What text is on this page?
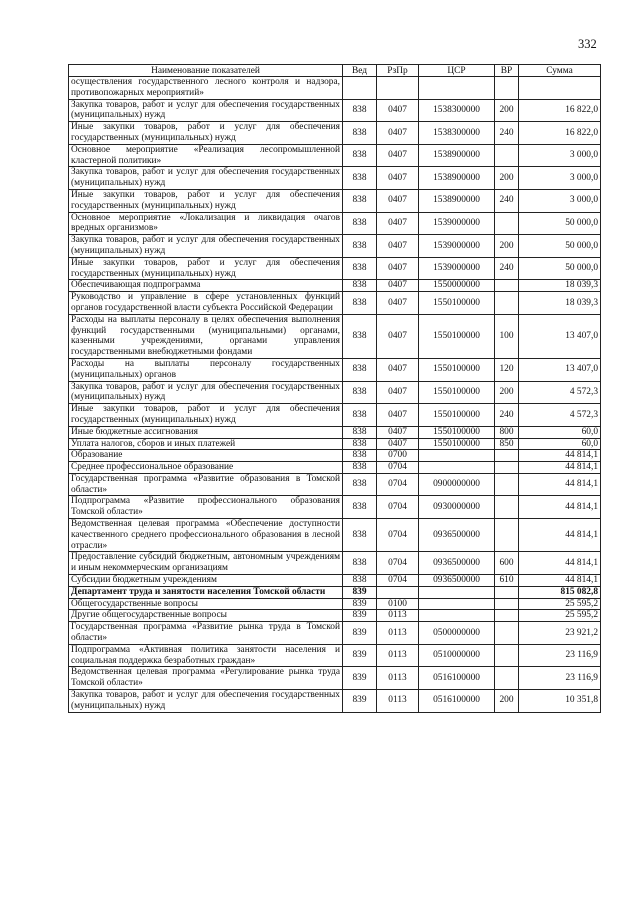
332
Наименование показателей	Вед	РзПр	ЦСР	ВР	Сумма
осуществления государственного лесного контроля и надзора, противопожарных мероприятий»					
Закупка товаров, работ и услуг для обеспечения государственных (муниципальных) нужд	838	0407	1538300000	200	16 822,0
Иные закупки товаров, работ и услуг для обеспечения государственных (муниципальных) нужд	838	0407	1538300000	240	16 822,0
Основное мероприятие «Реализация лесопромышленной кластерной политики»	838	0407	1538900000		3 000,0
Закупка товаров, работ и услуг для обеспечения государственных (муниципальных) нужд	838	0407	1538900000	200	3 000,0
Иные закупки товаров, работ и услуг для обеспечения государственных (муниципальных) нужд	838	0407	1538900000	240	3 000,0
Основное мероприятие «Локализация и ликвидация очагов вредных организмов»	838	0407	1539000000		50 000,0
Закупка товаров, работ и услуг для обеспечения государственных (муниципальных) нужд	838	0407	1539000000	200	50 000,0
Иные закупки товаров, работ и услуг для обеспечения государственных (муниципальных) нужд	838	0407	1539000000	240	50 000,0
Обеспечивающая подпрограмма	838	0407	1550000000		18 039,3
Руководство и управление в сфере установленных функций органов государственной власти субъекта Российской Федерации	838	0407	1550100000		18 039,3
Расходы на выплаты персоналу в целях обеспечения выполнения функций государственными (муниципальными) органами, казенными учреждениями, органами управления государственными внебюджетными фондами	838	0407	1550100000	100	13 407,0
Расходы на выплаты персоналу государственных (муниципальных) органов	838	0407	1550100000	120	13 407,0
Закупка товаров, работ и услуг для обеспечения государственных (муниципальных) нужд	838	0407	1550100000	200	4 572,3
Иные закупки товаров, работ и услуг для обеспечения государственных (муниципальных) нужд	838	0407	1550100000	240	4 572,3
Иные бюджетные ассигнования	838	0407	1550100000	800	60,0
Уплата налогов, сборов и иных платежей	838	0407	1550100000	850	60,0
Образование	838	0700			44 814,1
Среднее профессиональное образование	838	0704			44 814,1
Государственная программа «Развитие образования в Томской области»	838	0704	0900000000		44 814,1
Подпрограмма «Развитие профессионального образования Томской области»	838	0704	0930000000		44 814,1
Ведомственная целевая программа «Обеспечение доступности качественного среднего профессионального образования в лесной отрасли»	838	0704	0936500000		44 814,1
Предоставление субсидий бюджетным, автономным учреждениям и иным некоммерческим организациям	838	0704	0936500000	600	44 814,1
Субсидии бюджетным учреждениям	838	0704	0936500000	610	44 814,1
Департамент труда и занятости населения Томской области	839				815 082,8
Общегосударственные вопросы	839	0100			25 595,2
Другие общегосударственные вопросы	839	0113			25 595,2
Государственная программа «Развитие рынка труда в Томской области»	839	0113	0500000000		23 921,2
Подпрограмма «Активная политика занятости населения и социальная поддержка безработных граждан»	839	0113	0510000000		23 116,9
Ведомственная целевая программа «Регулирование рынка труда Томской области»	839	0113	0516100000		23 116,9
Закупка товаров, работ и услуг для обеспечения государственных (муниципальных) нужд	839	0113	0516100000	200	10 351,8
